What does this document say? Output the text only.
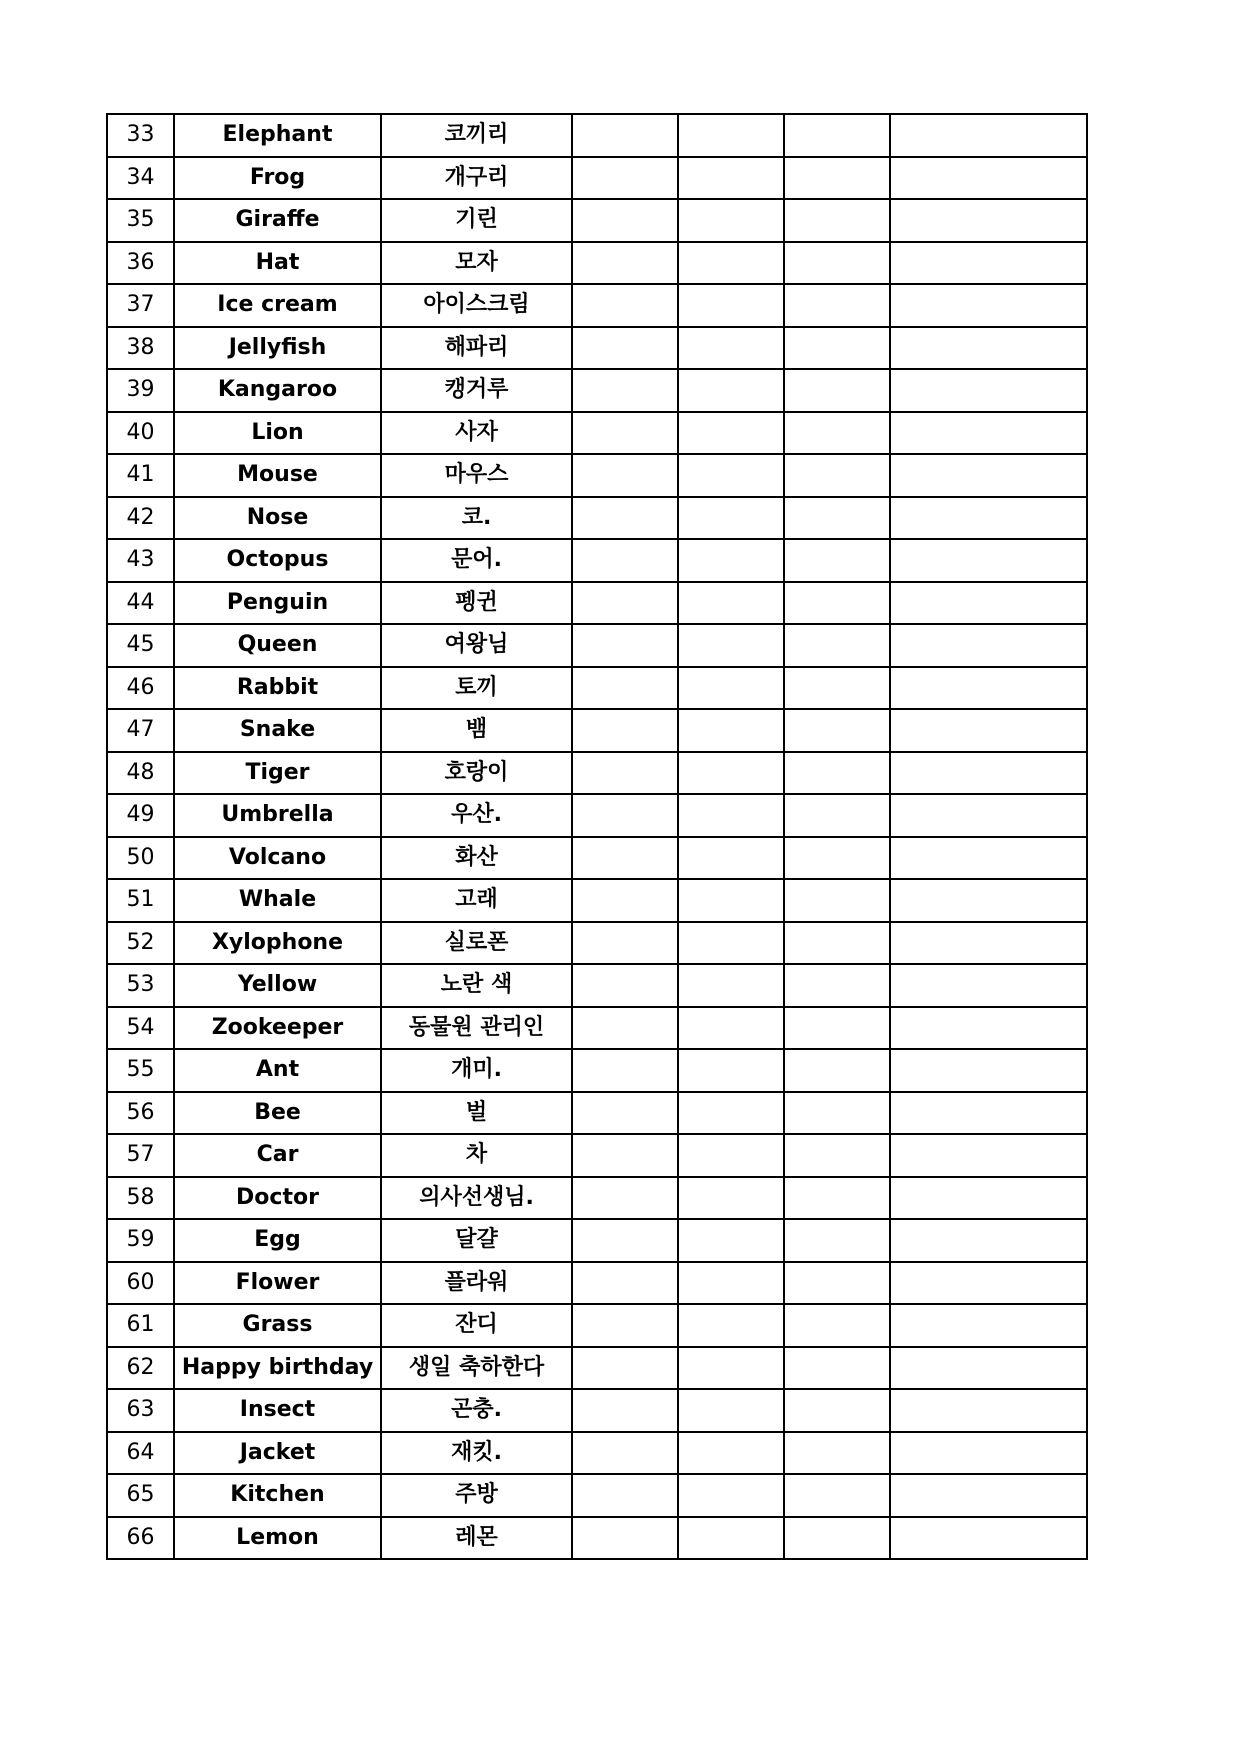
33	Elephant	코끼리				
34	Frog	개구리				
35	Giraffe	기린				
36	Hat	모자				
37	Ice cream	아이스크림				
38	Jellyfish	해파리				
39	Kangaroo	캥거루				
40	Lion	사자				
41	Mouse	마우스				
42	Nose	코.				
43	Octopus	문어.				
44	Penguin	펭귄				
45	Queen	여왕님				
46	Rabbit	토끼				
47	Snake	뱀				
48	Tiger	호랑이				
49	Umbrella	우산.				
50	Volcano	화산				
51	Whale	고래				
52	Xylophone	실로폰				
53	Yellow	노란 색				
54	Zookeeper	동물원 관리인				
55	Ant	개미.				
56	Bee	벌				
57	Car	차				
58	Doctor	의사선생님.				
59	Egg	달걀				
60	Flower	플라워				
61	Grass	잔디				
62	Happy birthday	생일 축하한다				
63	Insect	곤충.				
64	Jacket	재킷.				
65	Kitchen	주방				
66	Lemon	레몬				
